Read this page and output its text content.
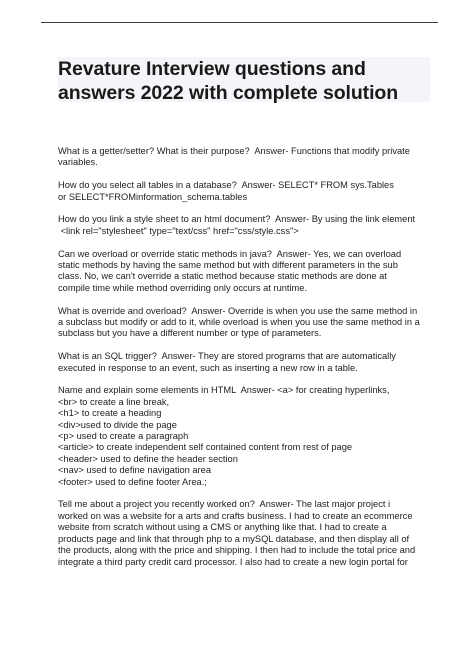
Revature Interview questions and
answers 2022 with complete solution
What is a getter/setter? What is their purpose?  Answer- Functions that modify private
variables.
How do you select all tables in a database?  Answer- SELECT* FROM sys.Tables
or SELECT*FROMinformation_schema.tables
How do you link a style sheet to an html document?  Answer- By using the link element
<link rel="stylesheet" type="text/css" href="css/style.css">
Can we overload or override static methods in java?  Answer- Yes, we can overload
static methods by having the same method but with different parameters in the sub
class. No, we can't override a static method because static methods are done at
compile time while method overriding only occurs at runtime.
What is override and overload?  Answer- Override is when you use the same method in
a subclass but modify or add to it, while overload is when you use the same method in a
subclass but you have a different number or type of parameters.
What is an SQL trigger?  Answer- They are stored programs that are automatically
executed in response to an event, such as inserting a new row in a table.
Name and explain some elements in HTML  Answer- <a> for creating hyperlinks,
<br> to create a line break,
<h1> to create a heading
<div>used to divide the page
<p> used to create a paragraph
<article> to create independent self contained content from rest of page
<header> used to define the header section
<nav> used to define navigation area
<footer> used to define footer Area.;
Tell me about a project you recently worked on?  Answer- The last major project i
worked on was a website for a arts and crafts business. I had to create an ecommerce
website from scratch without using a CMS or anything like that. I had to create a
products page and link that through php to a mySQL database, and then display all of
the products, along with the price and shipping. I then had to include the total price and
integrate a third party credit card processor. I also had to create a new login portal for
